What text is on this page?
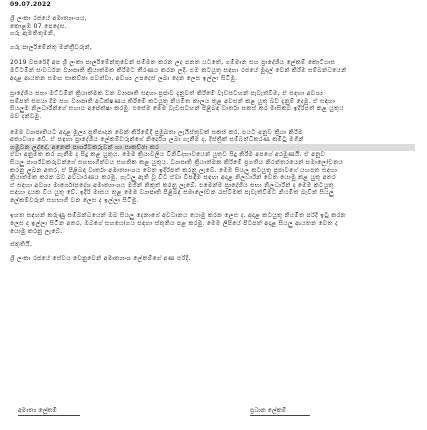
09.07.2022
ශ්‍රී ලංකා රජයේ අමාත්‍යාංශය,
කොළඹ 07 පෙදෙස.
ගරු ඇමතිතුමනි,
ගරු පාර්ලිමේන්තු මන්ත්‍රීවරුන්,
2019 වසරේදී අප ශ්‍රී ලංකා පාර්ලිමේන්තුවෙන් සම්මත කරන ලද පනත යටතේ, ගම්මාන සහ ප්‍රාදේශීය ලේකම් කොට්ඨාස
මට්ටමින් සංවර්ධන ව්‍යාපෘති ක්‍රියාත්මක කිරීමට තීරණය කරන ලදී. එම කටයුතු සඳහා රජයේ මුදල් වෙන් කිරීම සම්බන්ධයෙන්
අදාළ ආයතන සමඟ සාකච්ඡා පවත්වා, අවශ්‍ය උපදෙස් ලබා දෙන ලෙස ඉල්ලා සිටිමු.
ප්‍රාදේශීය සභා මට්ටමින් ක්‍රියාත්මක වන ව්‍යාපෘති සඳහා ප්‍රජාව දැනුවත් කිරීමේ වැඩසටහන් පැවැත්වීම, ඒ සඳහා අවශ්‍ය
සම්පත් සපයා දීම සහ ව්‍යාපෘති අධීක්ෂණය කිරීමේ කටයුතු නියමිත කාලය තුළ අවසන් කළ යුතු බව දැනුම් දෙමු. ඒ සඳහා
සියලුම නිලධාරීන්ගේ සහාය අපේක්ෂා කරමු. එසේම මෙම වැඩසටහන් පිළිබඳ වාර්තා සකස් කර මාසිකව ඉදිරිපත් කළ යුතුය
බව දන්වමු.
මෙම ව්‍යාපෘතියට අදාළ මූල්‍ය ප්‍රතිපාදන වෙන් කිරීමේදී ප්‍රමුඛතා ලැයිස්තුවක් සකස් කර, එයට අනුව ක්‍රියා කිරීම
අත්‍යවශ්‍ය වේ. ඒ සඳහා ප්‍රාදේශීය ලේකම්වරුන්ගේ නිර්දේශ ලබා ගැනීම ද, දිස්ත්‍රික් සම්බන්ධීකරණ කමිටු මගින්
හමුවන ලද්දේ, අනෙක් පාර්ශ්වකරුවන් හා සාකච්ඡා කර
ඒවා අනුමත කර ගැනීම ද සිදු කළ යුතුය. මෙම ක්‍රියාවලිය විනිවිදභාවයෙන් යුතුව සිදු කිරීම අපගේ අරමුණයි. ඒ අනුව
සියලු පාර්ශ්වකරුවන්ගේ සහභාගීත්වය සහතික කළ යුතුය. ව්‍යාපෘති ක්‍රියාත්මක කිරීමේ ප්‍රගතිය නිරන්තරයෙන් සමාලෝචනය
කරනු ලබන අතර, ඒ පිළිබඳ වාර්තා අමාත්‍යාංශය වෙත ඉදිරිපත් කරනු ලැබේ. මෙම සියලු කටයුතු ප්‍රජාවගේ යහපත සඳහා
ක්‍රියාත්මක කරන බව අවධාරණය කරමු. ගැටලු ඇති වූ විට ඒවා විසඳීම සඳහා අදාළ නිලධාරීන් වෙත යොමු කළ යුතු අතර
ඒ සඳහා අවශ්‍ය මාර්ගෝපදේශ අමාත්‍යාංශය මගින් නිකුත් කරනු ලැබේ. එමෙන්ම ප්‍රාදේශීය සභා නිලධාරීන් ද මෙම කටයුතු
සඳහා දායක විය යුතු වේ. ඉදිරි මාසය තුළ මෙම ව්‍යාපෘති පිළිබඳ සමාලෝචන රැස්වීමක් පැවැත්වීමට නියමිත බැවින් සියලු
ලේකම්වරුන් සහභාගී වන ලෙස ද ඉල්ලා සිටිමු.
ඉහත සඳහන් කරුණු සම්බන්ධයෙන් ඔබ සියලු දෙනාගේ අවධානය යොමු කරන ලෙස ද, අදාළ කටයුතු නියමිත පරිදි ඉටු කරන
ලෙස ද ඉල්ලා සිටින අතර, ඔබගේ සහයෝගය සඳහා ස්තුතිය පළ කරමු. මෙම ලිපියේ පිටපත් අදාළ සියලු ආයතන වෙත ද
යොමු කරනු ලැබේ.
ස්තුතියි,
ශ්‍රී ලංකා රජයේ සේවය වෙනුවෙන් අමාත්‍යාංශ ලේකම්ගේ අණ පරිදි.
අමාත්‍ය ලේකම්	ප්‍රධාන ලේකම්
